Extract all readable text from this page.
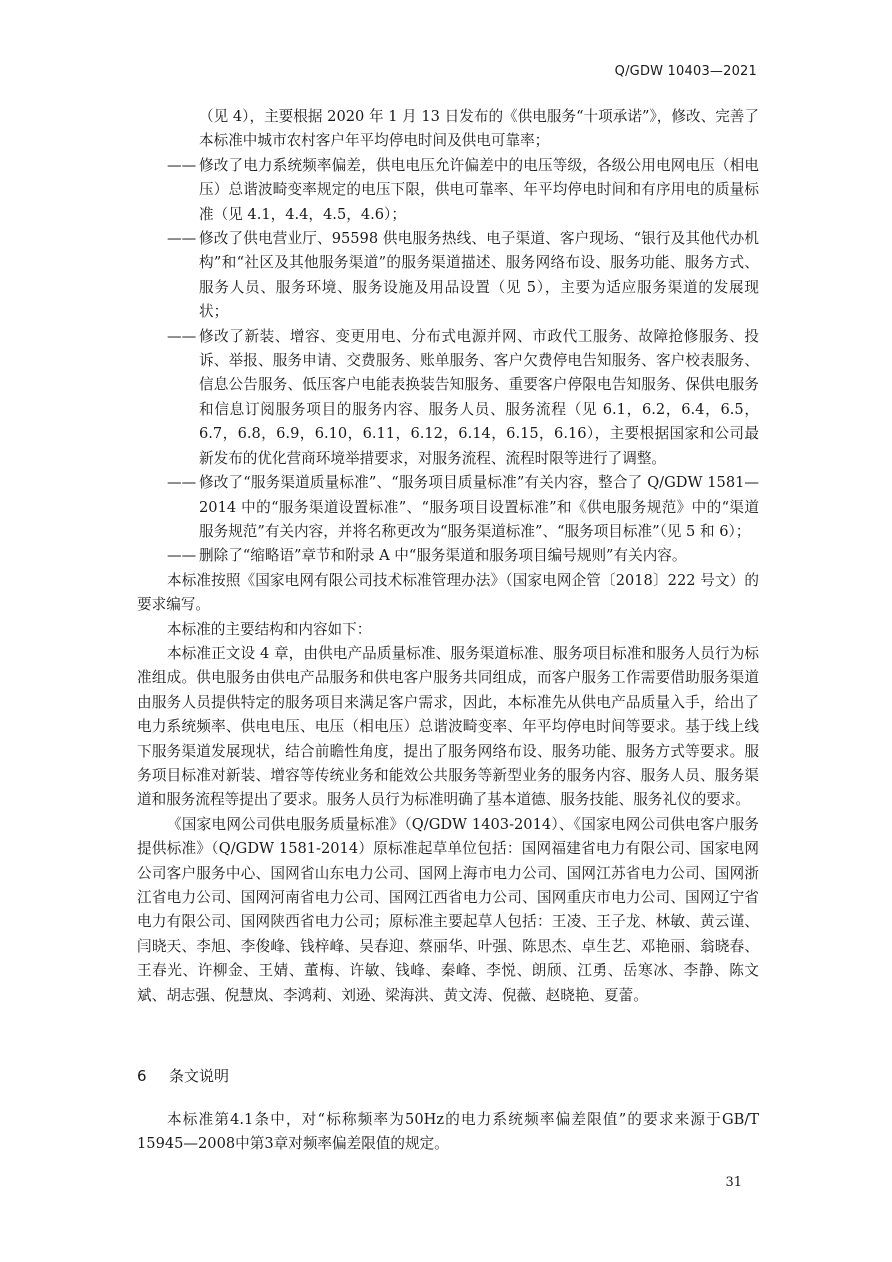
Q/GDW 10403—2021
（见 4），主要根据 2020 年 1 月 13 日发布的《供电服务“十项承诺”》，修改、完善了本标准中城市农村客户年平均停电时间及供电可靠率；
—— 修改了电力系统频率偏差，供电电压允许偏差中的电压等级，各级公用电网电压（相电压）总谐波畸变率规定的电压下限，供电可靠率、年平均停电时间和有序用电的质量标准（见 4.1，4.4，4.5，4.6）；
—— 修改了供电营业厅、95598 供电服务热线、电子渠道、客户现场、“银行及其他代办机构”和“社区及其他服务渠道”的服务渠道描述、服务网络布设、服务功能、服务方式、服务人员、服务环境、服务设施及用品设置（见 5），主要为适应服务渠道的发展现状；
—— 修改了新装、增容、变更用电、分布式电源并网、市政代工服务、故障抢修服务、投诉、举报、服务申请、交费服务、账单服务、客户欠费停电告知服务、客户校表服务、信息公告服务、低压客户电能表换装告知服务、重要客户停限电告知服务、保供电服务和信息订阅服务项目的服务内容、服务人员、服务流程（见 6.1，6.2，6.4，6.5，6.7，6.8，6.9，6.10，6.11，6.12，6.14，6.15，6.16），主要根据国家和公司最新发布的优化营商环境举措要求，对服务流程、流程时限等进行了调整。
—— 修改了“服务渠道质量标准”、“服务项目质量标准”有关内容，整合了 Q/GDW 1581—2014 中的“服务渠道设置标准”、“服务项目设置标准”和《供电服务规范》中的“渠道服务规范”有关内容，并将名称更改为“服务渠道标准”、“服务项目标准”（见 5 和 6）；
—— 删除了“缩略语”章节和附录 A 中“服务渠道和服务项目编号规则”有关内容。
本标准按照《国家电网有限公司技术标准管理办法》（国家电网企管〔2018〕222 号文）的要求编写。
本标准的主要结构和内容如下：
本标准正文设 4 章，由供电产品质量标准、服务渠道标准、服务项目标准和服务人员行为标准组成。供电服务由供电产品服务和供电客户服务共同组成，而客户服务工作需要借助服务渠道由服务人员提供特定的服务项目来满足客户需求，因此，本标准先从供电产品质量入手，给出了电力系统频率、供电电压、电压（相电压）总谐波畸变率、年平均停电时间等要求。基于线上线下服务渠道发展现状，结合前瞻性角度，提出了服务网络布设、服务功能、服务方式等要求。服务项目标准对新装、增容等传统业务和能效公共服务等新型业务的服务内容、服务人员、服务渠道和服务流程等提出了要求。服务人员行为标准明确了基本道德、服务技能、服务礼仪的要求。
《国家电网公司供电服务质量标准》（Q/GDW 1403-2014）、《国家电网公司供电客户服务提供标准》（Q/GDW 1581-2014）原标准起草单位包括：国网福建省电力有限公司、国家电网公司客户服务中心、国网省山东电力公司、国网上海市电力公司、国网江苏省电力公司、国网浙江省电力公司、国网河南省电力公司、国网江西省电力公司、国网重庆市电力公司、国网辽宁省电力有限公司、国网陕西省电力公司；原标准主要起草人包括：王凌、王子龙、林敏、黄云谨、闫晓天、李旭、李俊峰、钱梓峰、吴春迎、蔡丽华、叶强、陈思杰、卓生艺、邓艳丽、翁晓春、王春光、许柳金、王婧、董梅、许敏、钱峰、秦峰、李悦、朗颀、江勇、岳寒冰、李静、陈文斌、胡志强、倪慧岚、李鸿莉、刘逊、梁海洪、黄文涛、倪薇、赵晓艳、夏蕾。
6 条文说明
本标准第4.1条中，对“标称频率为50Hz的电力系统频率偏差限值”的要求来源于GB/T 15945—2008中第3章对频率偏差限值的规定。
31
